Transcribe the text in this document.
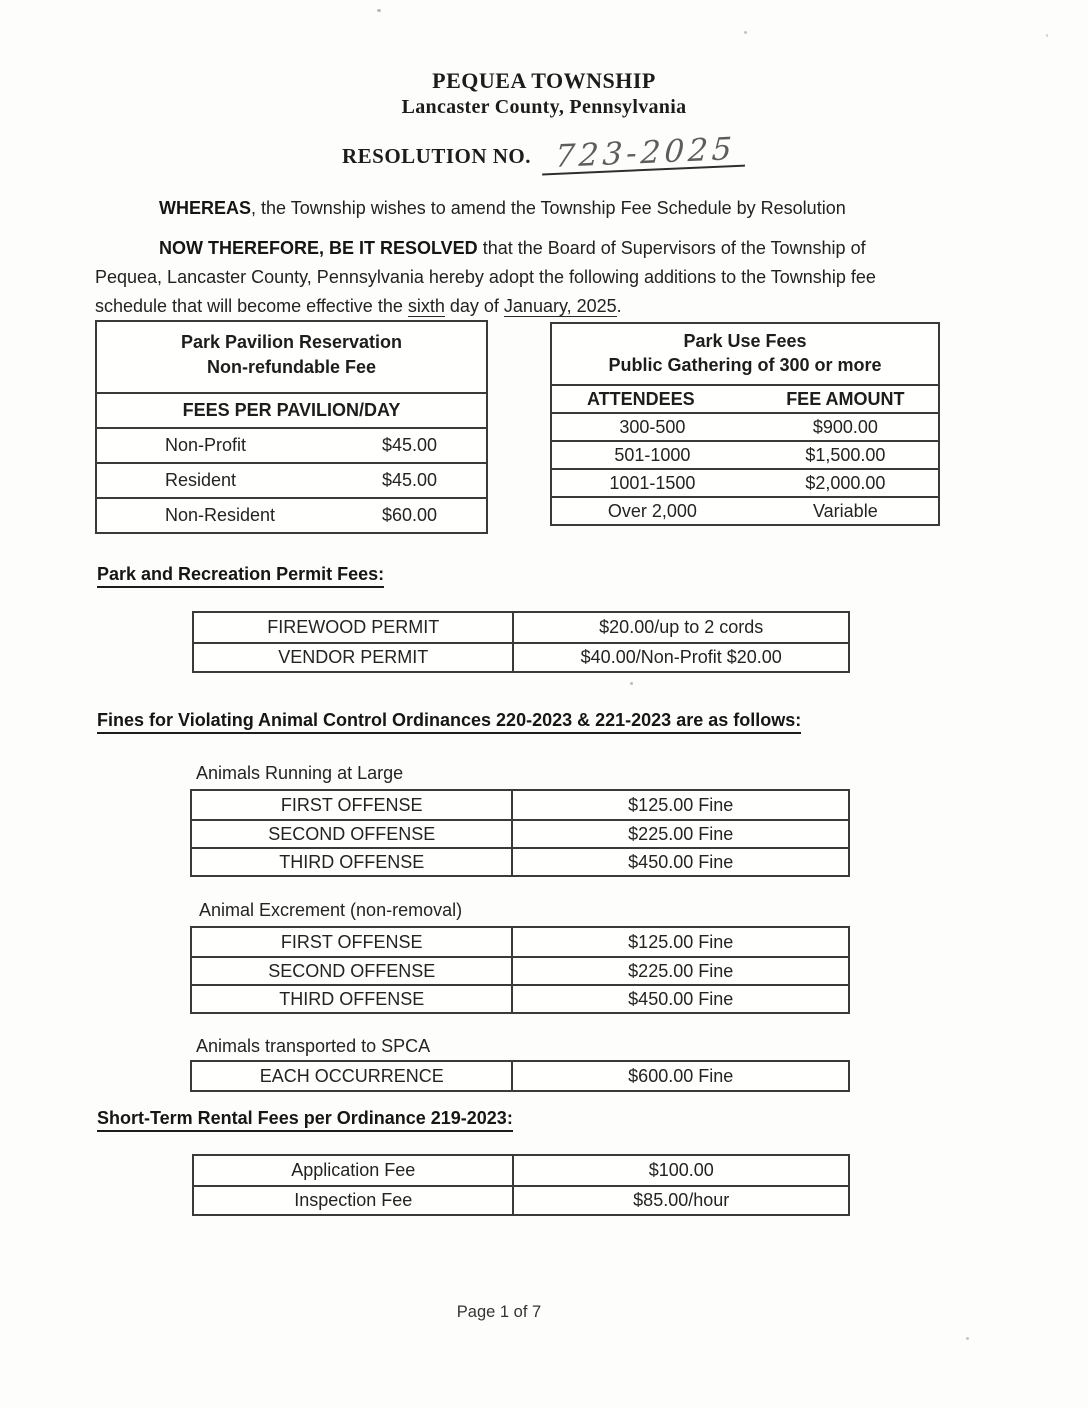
PEQUEA TOWNSHIP
Lancaster County, Pennsylvania
RESOLUTION NO. 723-2025

WHEREAS, the Township wishes to amend the Township Fee Schedule by Resolution

NOW THEREFORE, BE IT RESOLVED that the Board of Supervisors of the Township of Pequea, Lancaster County, Pennsylvania hereby adopt the following additions to the Township fee schedule that will become effective the sixth day of January, 2025.

Park Pavilion Reservation
Non-refundable Fee
FEES PER PAVILION/DAY
Non-Profit	$45.00
Resident	$45.00
Non-Resident	$60.00
Park Use Fees
Public Gathering of 300 or more
ATTENDEES	FEE AMOUNT
300-500	$900.00
501-1000	$1,500.00
1001-1500	$2,000.00
Over 2,000	Variable
Park and Recreation Permit Fees:
FIREWOOD PERMIT	$20.00/up to 2 cords
VENDOR PERMIT	$40.00/Non-Profit $20.00
Fines for Violating Animal Control Ordinances 220-2023 & 221-2023 are as follows:
Animals Running at Large
FIRST OFFENSE	$125.00 Fine
SECOND OFFENSE	$225.00 Fine
THIRD OFFENSE	$450.00 Fine
Animal Excrement (non-removal)
FIRST OFFENSE	$125.00 Fine
SECOND OFFENSE	$225.00 Fine
THIRD OFFENSE	$450.00 Fine
Animals transported to SPCA
EACH OCCURRENCE	$600.00 Fine
Short-Term Rental Fees per Ordinance 219-2023:
Application Fee	$100.00
Inspection Fee	$85.00/hour
Page 1 of 7
